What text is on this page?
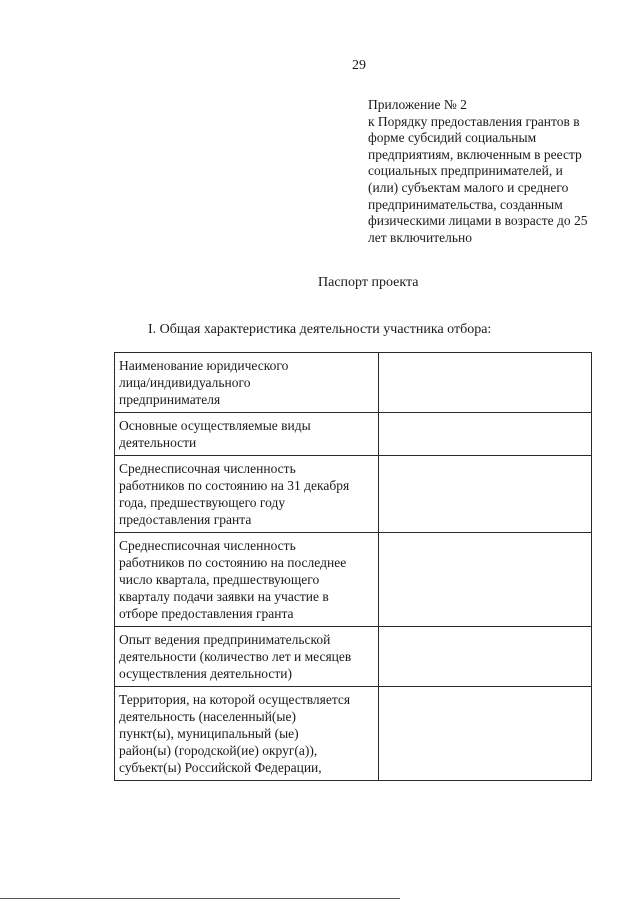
29
Приложение № 2
к Порядку предоставления грантов в
форме субсидий социальным
предприятиям, включенным в реестр
социальных предпринимателей, и
(или) субъектам малого и среднего
предпринимательства, созданным
физическими лицами в возрасте до 25
лет включительно
Паспорт проекта
I. Общая характеристика деятельности участника отбора:
Наименование юридического
лица/индивидуального
предпринимателя	

Основные осуществляемые виды
деятельности	

Среднесписочная численность
работников по состоянию на 31 декабря
года, предшествующего году
предоставления гранта	

Среднесписочная численность
работников по состоянию на последнее
число квартала, предшествующего
кварталу подачи заявки на участие в
отборе предоставления гранта	

Опыт ведения предпринимательской
деятельности (количество лет и месяцев
осуществления деятельности)	

Территория, на которой осуществляется
деятельность (населенный(ые)
пункт(ы), муниципальный (ые)
район(ы) (городской(ие) округ(а)),
субъект(ы) Российской Федерации,	
